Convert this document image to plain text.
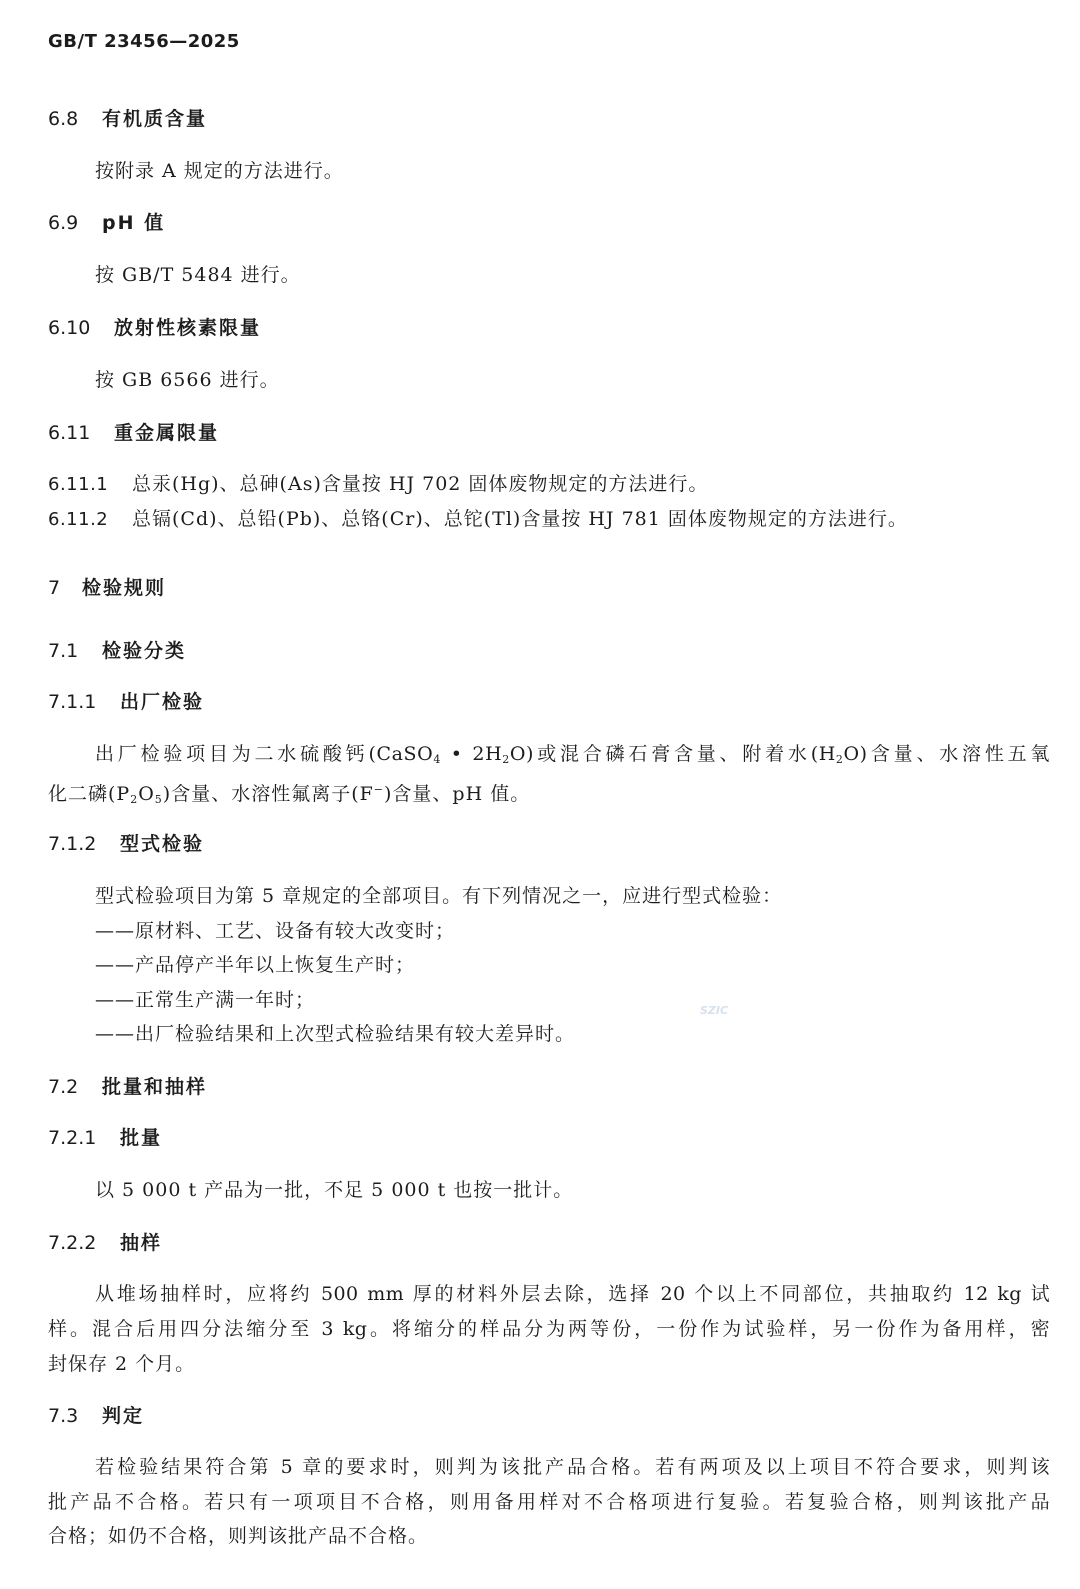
GB/T 23456—2025
6.8 有机质含量
按附录 A 规定的方法进行。
6.9 pH 值
按 GB/T 5484 进行。
6.10 放射性核素限量
按 GB 6566 进行。
6.11 重金属限量
6.11.1 总汞(Hg)、总砷(As)含量按 HJ 702 固体废物规定的方法进行。
6.11.2 总镉(Cd)、总铅(Pb)、总铬(Cr)、总铊(Tl)含量按 HJ 781 固体废物规定的方法进行。
7 检验规则
7.1 检验分类
7.1.1 出厂检验
出厂检验项目为二水硫酸钙(CaSO$_4$ • $2H_2O$)或混合磷石膏含量、附着水$(H_2O)$含量、水溶性五氧
化二磷$(P_2O_5)$含量、水溶性氟离子(F−)含量、pH 值。
7.1.2 型式检验
型式检验项目为第 5 章规定的全部项目。有下列情况之一，应进行型式检验：
——原材料、工艺、设备有较大改变时；
——产品停产半年以上恢复生产时；
——正常生产满一年时；
——出厂检验结果和上次型式检验结果有较大差异时。
SZIC
7.2 批量和抽样
7.2.1 批量
以 5 000 t 产品为一批，不足 5 000 t 也按一批计。
7.2.2 抽样
从堆场抽样时，应将约 500 mm 厚的材料外层去除，选择 20 个以上不同部位，共抽取约 12 kg 试
样。混合后用四分法缩分至 3 kg。将缩分的样品分为两等份，一份作为试验样，另一份作为备用样，密
封保存 2 个月。
7.3 判定
若检验结果符合第 5 章的要求时，则判为该批产品合格。若有两项及以上项目不符合要求，则判该
批产品不合格。若只有一项项目不合格，则用备用样对不合格项进行复验。若复验合格，则判该批产品
合格；如仍不合格，则判该批产品不合格。
